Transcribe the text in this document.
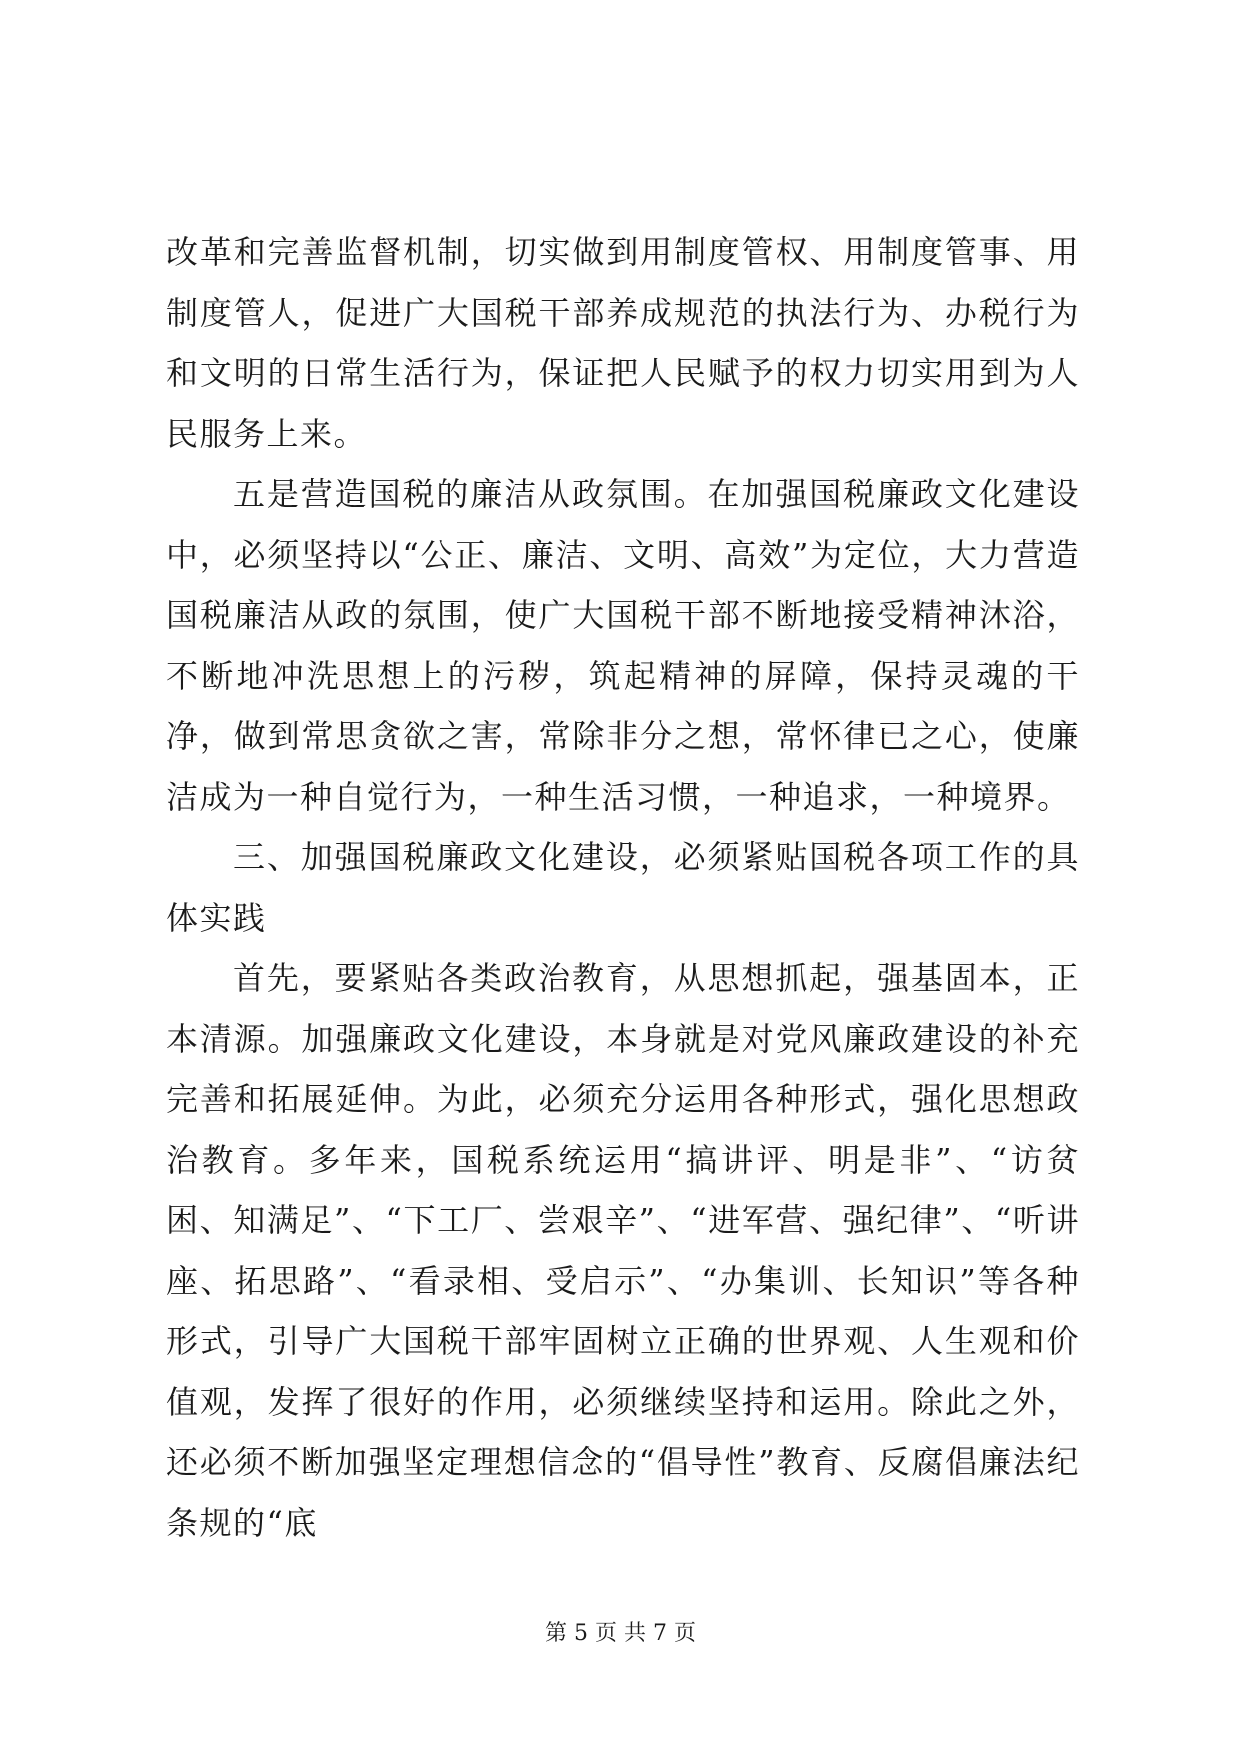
改革和完善监督机制，切实做到用制度管权、用制度管事、用制度管人，促进广大国税干部养成规范的执法行为、办税行为和文明的日常生活行为，保证把人民赋予的权力切实用到为人民服务上来。

五是营造国税的廉洁从政氛围。在加强国税廉政文化建设中，必须坚持以“公正、廉洁、文明、高效”为定位，大力营造国税廉洁从政的氛围，使广大国税干部不断地接受精神沐浴，不断地冲洗思想上的污秽，筑起精神的屏障，保持灵魂的干净，做到常思贪欲之害，常除非分之想，常怀律已之心，使廉洁成为一种自觉行为，一种生活习惯，一种追求，一种境界。

三、加强国税廉政文化建设，必须紧贴国税各项工作的具体实践

首先，要紧贴各类政治教育，从思想抓起，强基固本，正本清源。加强廉政文化建设，本身就是对党风廉政建设的补充完善和拓展延伸。为此，必须充分运用各种形式，强化思想政治教育。多年来，国税系统运用“搞讲评、明是非”、“访贫困、知满足”、“下工厂、尝艰辛”、“进军营、强纪律”、“听讲座、拓思路”、“看录相、受启示”、“办集训、长知识”等各种形式，引导广大国税干部牢固树立正确的世界观、人生观和价值观，发挥了很好的作用，必须继续坚持和运用。除此之外，还必须不断加强坚定理想信念的“倡导性”教育、反腐倡廉法纪条规的“底

第 5 页 共 7 页
